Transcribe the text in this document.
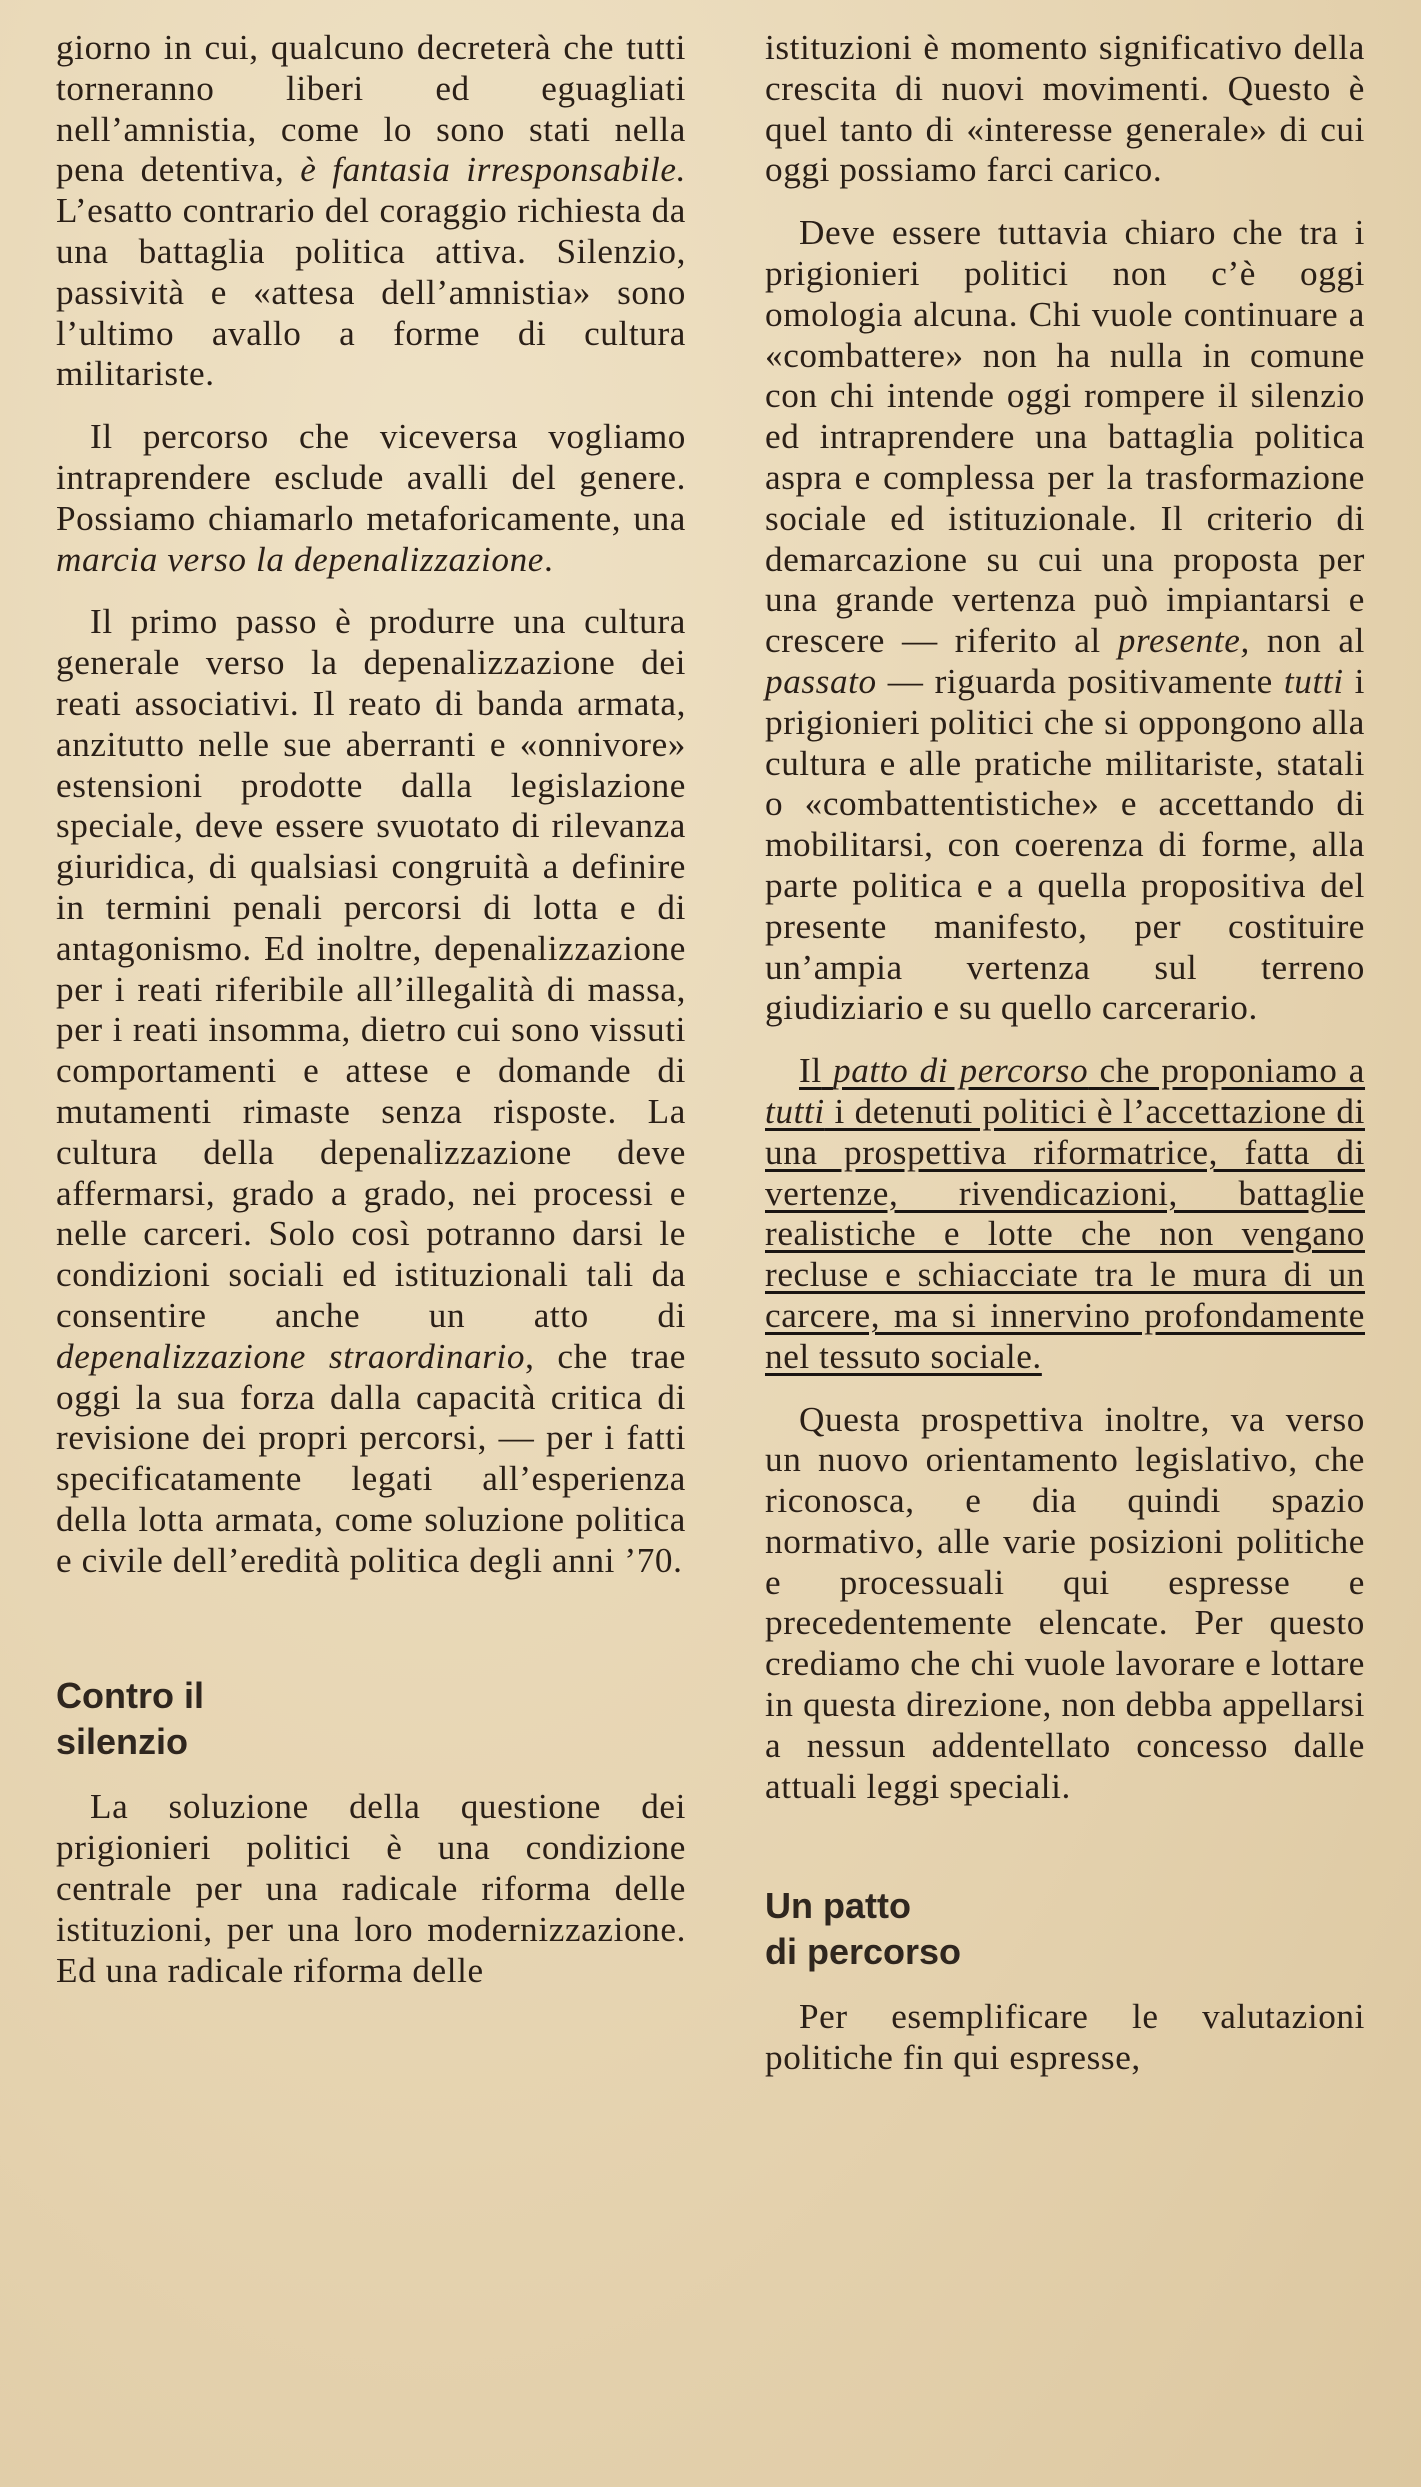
giorno in cui, qualcuno decreterà che tutti torneranno liberi ed eguagliati nell’amnistia, come lo sono stati nella pena detentiva, è fantasia irresponsabile. L’esatto contrario del coraggio richiesta da una battaglia politica attiva. Silenzio, passività e «attesa dell’amnistia» sono l’ultimo avallo a forme di cultura militariste.

Il percorso che viceversa vogliamo intraprendere esclude avalli del genere. Possiamo chiamarlo metaforicamente, una marcia verso la depenalizzazione.

Il primo passo è produrre una cultura generale verso la depenalizzazione dei reati associativi. Il reato di banda armata, anzitutto nelle sue aberranti e «onnivore» estensioni prodotte dalla legislazione speciale, deve essere svuotato di rilevanza giuridica, di qualsiasi congruità a definire in termini penali percorsi di lotta e di antagonismo. Ed inoltre, depenalizzazione per i reati riferibile all’illegalità di massa, per i reati insomma, dietro cui sono vissuti comportamenti e attese e domande di mutamenti rimaste senza risposte. La cultura della depenalizzazione deve affermarsi, grado a grado, nei processi e nelle carceri. Solo così potranno darsi le condizioni sociali ed istituzionali tali da consentire anche un atto di depenalizzazione straordinario, che trae oggi la sua forza dalla capacità critica di revisione dei propri percorsi, — per i fatti specificatamente legati all’esperienza della lotta armata, come soluzione politica e civile dell’eredità politica degli anni ’70.

Contro il
silenzio

La soluzione della questione dei prigionieri politici è una condizione centrale per una radicale riforma delle istituzioni, per una loro modernizzazione. Ed una radicale riforma delle

istituzioni è momento significativo della crescita di nuovi movimenti. Questo è quel tanto di «interesse generale» di cui oggi possiamo farci carico.

Deve essere tuttavia chiaro che tra i prigionieri politici non c’è oggi omologia alcuna. Chi vuole continuare a «combattere» non ha nulla in comune con chi intende oggi rompere il silenzio ed intraprendere una battaglia politica aspra e complessa per la trasformazione sociale ed istituzionale. Il criterio di demarcazione su cui una proposta per una grande vertenza può impiantarsi e crescere — riferito al presente, non al passato — riguarda positivamente tutti i prigionieri politici che si oppongono alla cultura e alle pratiche militariste, statali o «combattentistiche» e accettando di mobilitarsi, con coerenza di forme, alla parte politica e a quella propositiva del presente manifesto, per costituire un’ampia vertenza sul terreno giudiziario e su quello carcerario.

Il patto di percorso che proponiamo a tutti i detenuti politici è l’accettazione di una prospettiva riformatrice, fatta di vertenze, rivendicazioni, battaglie realistiche e lotte che non vengano recluse e schiacciate tra le mura di un carcere, ma si innervino profondamente nel tessuto sociale.

Questa prospettiva inoltre, va verso un nuovo orientamento legislativo, che riconosca, e dia quindi spazio normativo, alle varie posizioni politiche e processuali qui espresse e precedentemente elencate. Per questo crediamo che chi vuole lavorare e lottare in questa direzione, non debba appellarsi a nessun addentellato concesso dalle attuali leggi speciali.

Un patto
di percorso

Per esemplificare le valutazioni politiche fin qui espresse,
